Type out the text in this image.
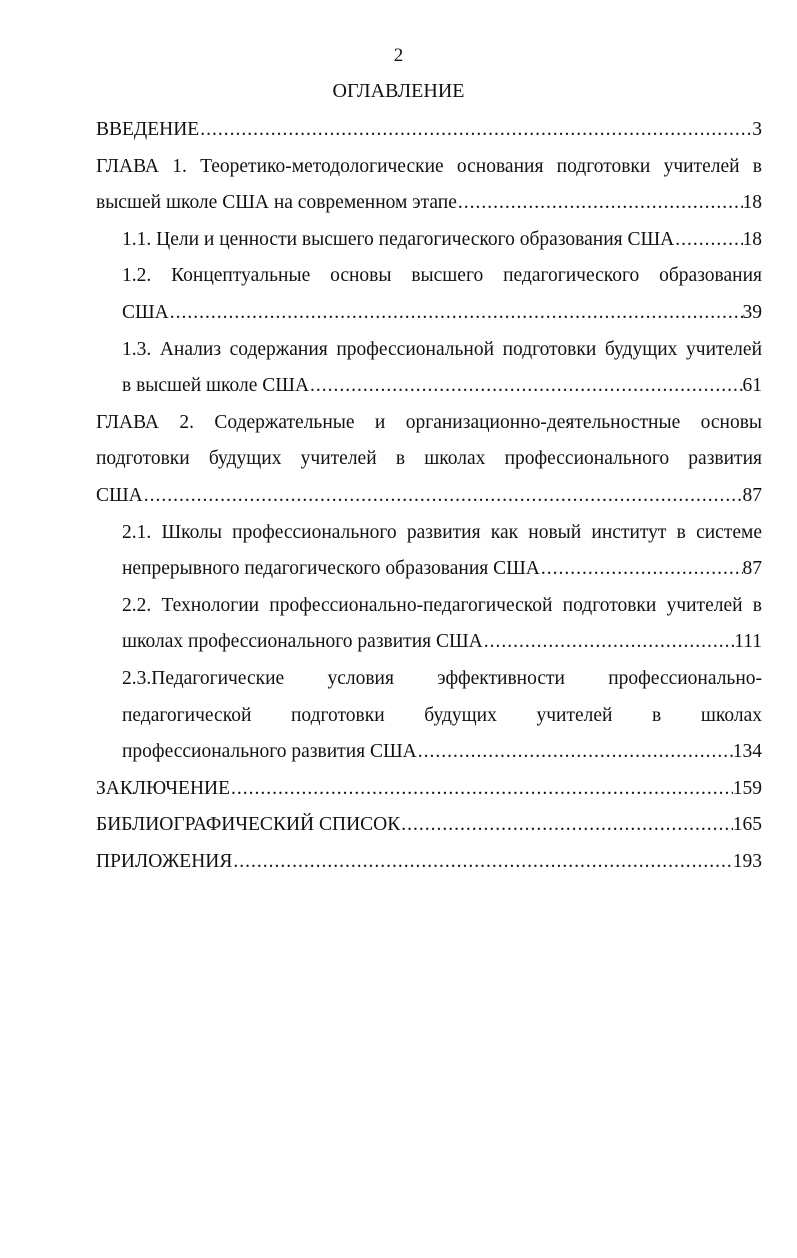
2
ОГЛАВЛЕНИЕ
ВВЕДЕНИЕ .....	3
ГЛАВА 1. Теоретико-методологические основания подготовки учителей в
высшей школе США на современном этапе .....	18
1.1. Цели и ценности высшего педагогического образования США .....	18
1.2. Концептуальные основы высшего педагогического образования
США .....	39
1.3. Анализ содержания профессиональной подготовки будущих учителей
в высшей школе США .....	61
ГЛАВА 2. Содержательные и организационно-деятельностные основы
подготовки будущих учителей в школах профессионального развития
США .....	87
2.1. Школы профессионального развития как новый институт в системе
непрерывного педагогического образования США .....	87
2.2. Технологии профессионально-педагогической подготовки учителей в
школах профессионального развития США .....	111
2.3.Педагогические условия эффективности профессионально-
педагогической подготовки будущих учителей в школах
профессионального развития США .....	134
ЗАКЛЮЧЕНИЕ .....	159
БИБЛИОГРАФИЧЕСКИЙ СПИСОК .....	165
ПРИЛОЖЕНИЯ .....	193
